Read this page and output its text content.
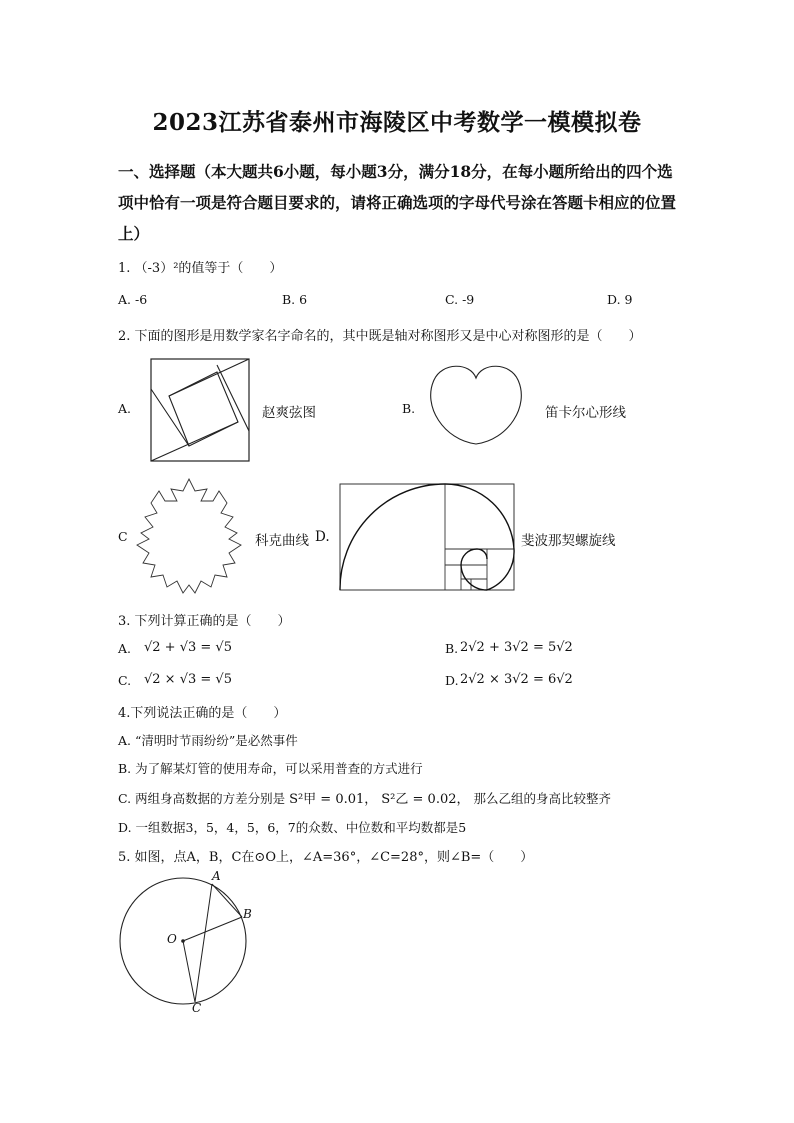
2023江苏省泰州市海陵区中考数学一模模拟卷
一、选择题（本大题共6小题，每小题3分，满分18分，在每小题所给出的四个选项中恰有一项是符合题目要求的，请将正确选项的字母代号涂在答题卡相应的位置上）
1. （-3）²的值等于（　　）
A. -6	B. 6	C. -9	D. 9
2. 下面的图形是用数学家名字命名的，其中既是轴对称图形又是中心对称图形的是（　　）
A.	赵爽弦图	B.	笛卡尔心形线
C	科克曲线 D.	斐波那契螺旋线
3. 下列计算正确的是（　　）
A. √2 + √3 = √5	B. 2√2 + 3√2 = 5√2
C. √2 × √3 = √5	D. 2√2 × 3√2 = 6√2
4.下列说法正确的是（　　）
A. “清明时节雨纷纷”是必然事件
B. 为了解某灯管的使用寿命，可以采用普查的方式进行
C. 两组身高数据的方差分别是 S²甲 = 0.01， S²乙 = 0.02， 那么乙组的身高比较整齐
D. 一组数据3，5，4，5，6，7的众数、中位数和平均数都是5
5. 如图，点A，B，C在⊙O上，∠A=36°，∠C=28°，则∠B=（　　）
A
B
C
O
